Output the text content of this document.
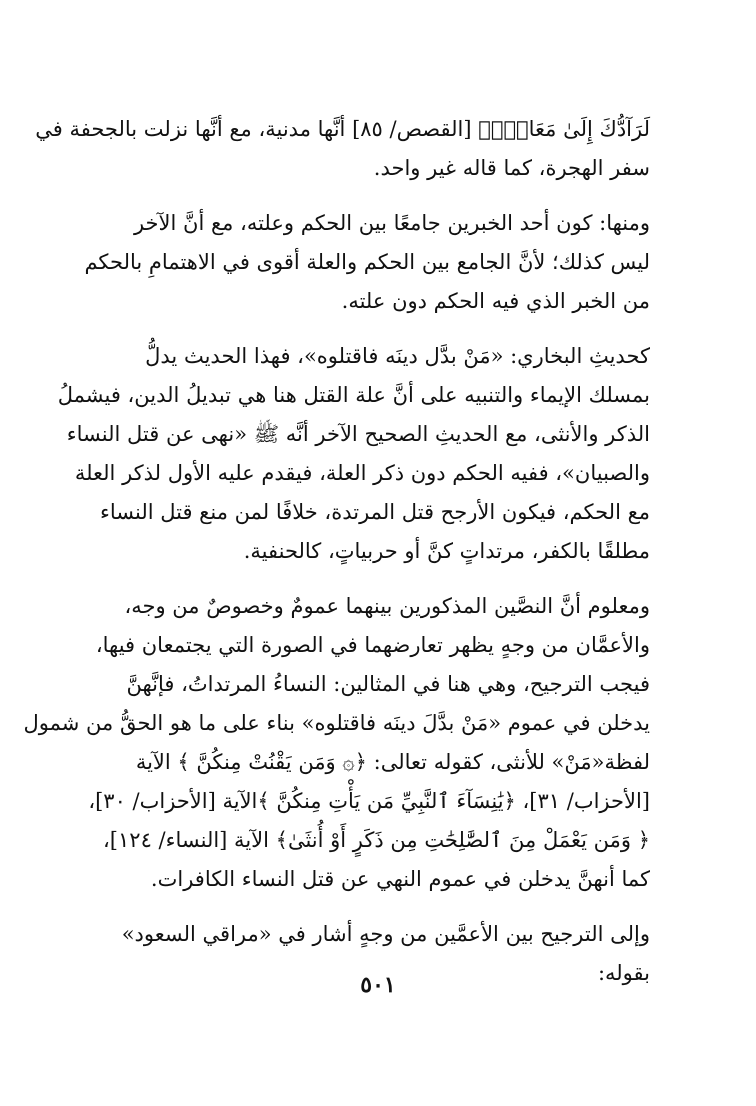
لَرَآدُّكَ إِلَىٰ مَعَادٍۚ﴾ [القصص/ ٨٥] أنَّها مدنية، مع أنَّها نزلت بالجحفة في
سفر الهجرة، كما قاله غير واحد.

ومنها: كون أحد الخبرين جامعًا بين الحكم وعلته، مع أنَّ الآخر
ليس كذلك؛ لأنَّ الجامع بين الحكم والعلة أقوى في الاهتمامِ بالحكم
من الخبر الذي فيه الحكم دون علته.

كحديثِ البخاري: «مَنْ بدَّل دينَه فاقتلوه»، فهذا الحديث يدلُّ
بمسلك الإيماء والتنبيه على أنَّ علة القتل هنا هي تبديلُ الدين، فيشملُ
الذكر والأنثى، مع الحديثِ الصحيح الآخر أنَّه ﷺ «نهى عن قتل النساء
والصبيان»، ففيه الحكم دون ذكر العلة، فيقدم عليه الأول لذكر العلة
مع الحكم، فيكون الأرجح قتل المرتدة، خلافًا لمن منع قتل النساء
مطلقًا بالكفر، مرتداتٍ كنَّ أو حربياتٍ، كالحنفية.

ومعلوم أنَّ النصَّين المذكورين بينهما عمومٌ وخصوصٌ من وجه،
والأعمَّان من وجهٍ يظهر تعارضهما في الصورة التي يجتمعان فيها،
فيجب الترجيح، وهي هنا في المثالين: النساءُ المرتداتُ، فإنَّهنَّ
يدخلن في عموم «مَنْ بدَّلَ دينَه فاقتلوه» بناء على ما هو الحقُّ من شمول
لفظة«مَنْ» للأنثى، كقوله تعالى: ﴿۞ وَمَن يَقْنُتْ مِنكُنَّ ﴾ الآية
[الأحزاب/ ٣١]، ﴿يَٰنِسَآءَ ٱلنَّبِيِّ مَن يَأْتِ مِنكُنَّ ﴾الآية [الأحزاب/ ٣٠]،
﴿ وَمَن يَعْمَلْ مِنَ ٱلصَّٰلِحَٰتِ مِن ذَكَرٍ أَوْ أُنثَىٰ﴾ الآية [النساء/ ١٢٤]،
كما أنهنَّ يدخلن في عموم النهي عن قتل النساء الكافرات.

وإلى الترجيح بين الأعمَّين من وجهٍ أشار في «مراقي السعود»
بقوله:

٥٠١
